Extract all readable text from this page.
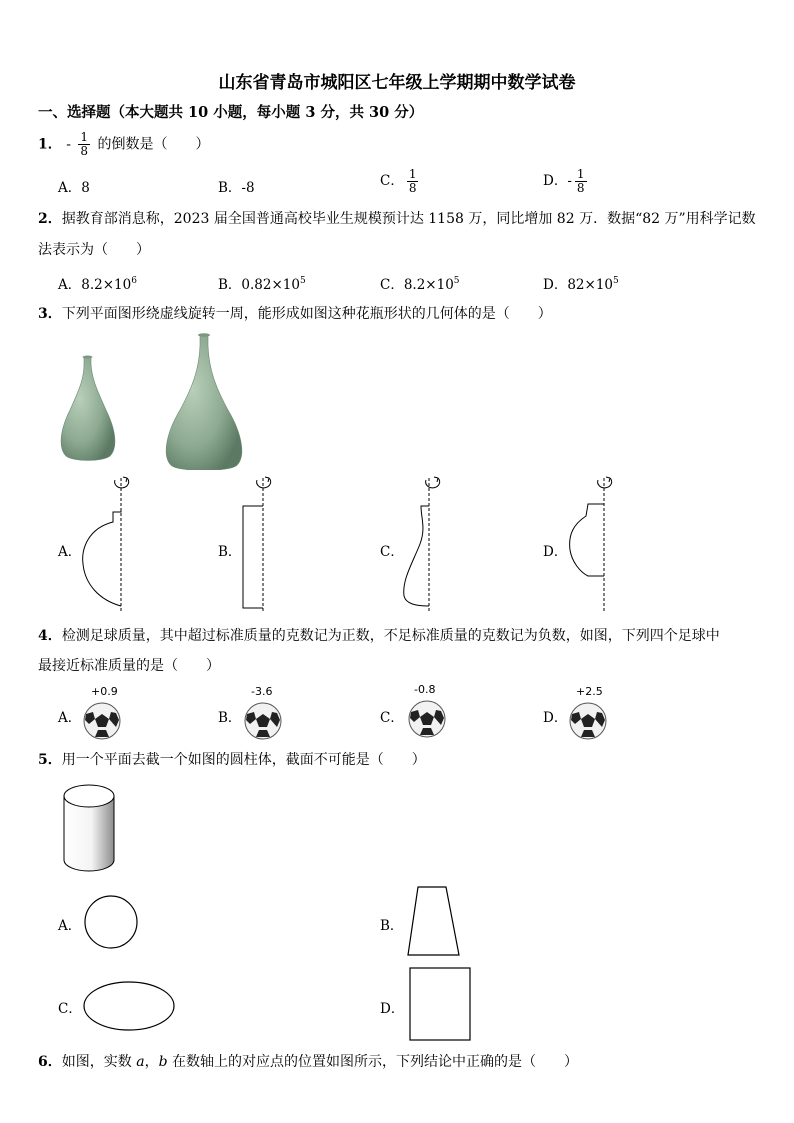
山东省青岛市城阳区七年级上学期期中数学试卷
一、选择题（本大题共 10 小题，每小题 3 分，共 30 分）
1． - $\frac{1}{8}$ 的倒数是（　　）
A．8	B．-8	C． $\frac{1}{8}$	D．- $\frac{1}{8}$
2．据教育部消息称，2023 届全国普通高校毕业生规模预计达 1158 万，同比增加 82 万．数据“82 万”用科学记数
法表示为（　　）
A．$8.2\times 10^6$	B．$0.82\times 10^5$	C．$8.2\times 10^5$	D．$82\times 10^5$
3．下列平面图形绕虚线旋转一周，能形成如图这种花瓶形状的几何体的是（　　）
A．	B．	C．	D．
4．检测足球质量，其中超过标准质量的克数记为正数，不足标准质量的克数记为负数，如图，下列四个足球中
最接近标准质量的是（　　）
A．	B．	C．	D．
+0.9	-3.6	-0.8	+2.5
5．用一个平面去截一个如图的圆柱体，截面不可能是（　　）
A．	B．
C．	D．
6．如图，实数 a，b 在数轴上的对应点的位置如图所示，下列结论中正确的是（　　）
